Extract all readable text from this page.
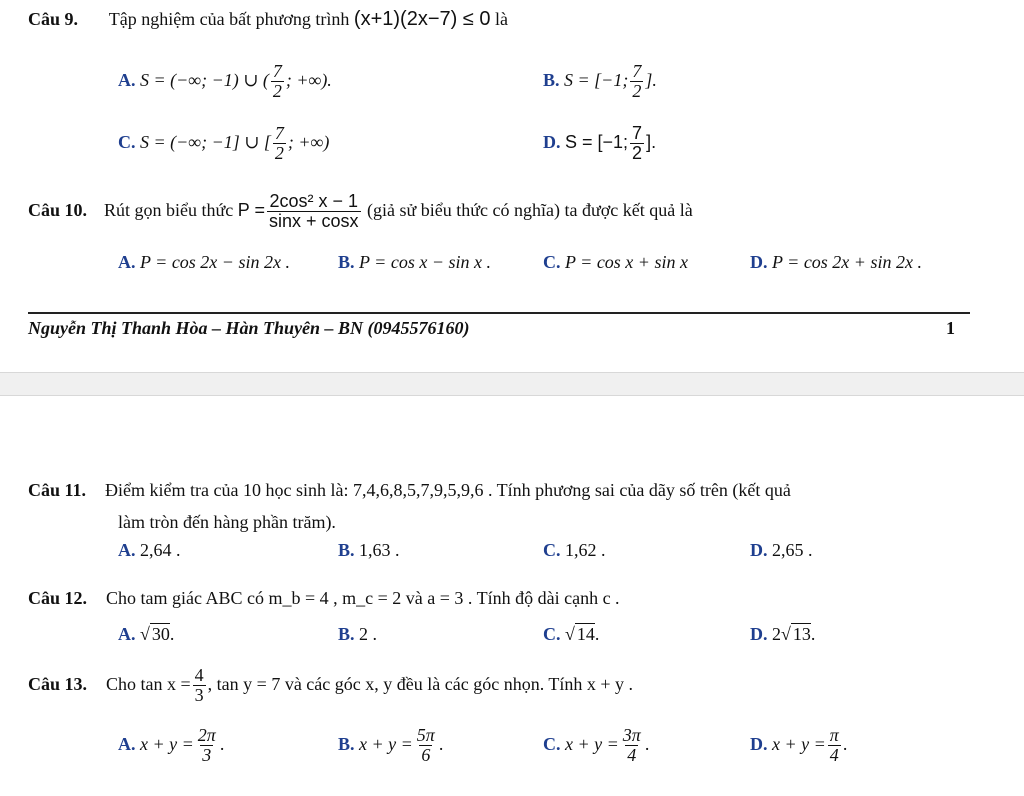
Câu 9. Tập nghiệm của bất phương trình (x+1)(2x−7) ≤ 0 là
A. S = (−∞; −1) ∪ ( $\frac{7}{2}$ ; +∞).	B. S = [−1; $\frac{7}{2}$ ].
C. S = (−∞; −1] ∪ [ $\frac{7}{2}$ ; +∞)	D. S = [−1; $\frac{7}{2}$ ].
Câu 10. Rút gọn biểu thức $P = \frac{\text{2cos² x − 1}}{\sin x + \cos x}$ (giả sử biểu thức có nghĩa) ta được kết quả là
A. P = cos 2x − sin 2x .	B. P = cos x − sin x .	C. P = cos x + sin x	D. P = cos 2x + sin 2x .
Nguyễn Thị Thanh Hòa – Hàn Thuyên – BN (0945576160)	1
Câu 11. Điểm kiểm tra của 10 học sinh là: 7,4,6,8,5,7,9,5,9,6 . Tính phương sai của dãy số trên (kết quả
làm tròn đến hàng phần trăm).
A. 2,64 .	B. 1,63 .	C. 1,62 .	D. 2,65 .
Câu 12. Cho tam giác ABC có m_b = 4 , m_c = 2 và a = 3 . Tính độ dài cạnh c .
A. √ 30.	B. 2 .	C. √ 14.	D. 2√ 13.
Câu 13. Cho $\tan x = \frac{4}{3}$ , tan y = 7 và các góc x, y đều là các góc nhọn. Tính x + y .
A. $x + y = \frac{2\pi}{3}$ .	B. $x + y = \frac{5\pi}{6}$ .	C. $x + y = \frac{3\pi}{4}$ .	D. $x + y = \frac{\pi}{4}$ .
